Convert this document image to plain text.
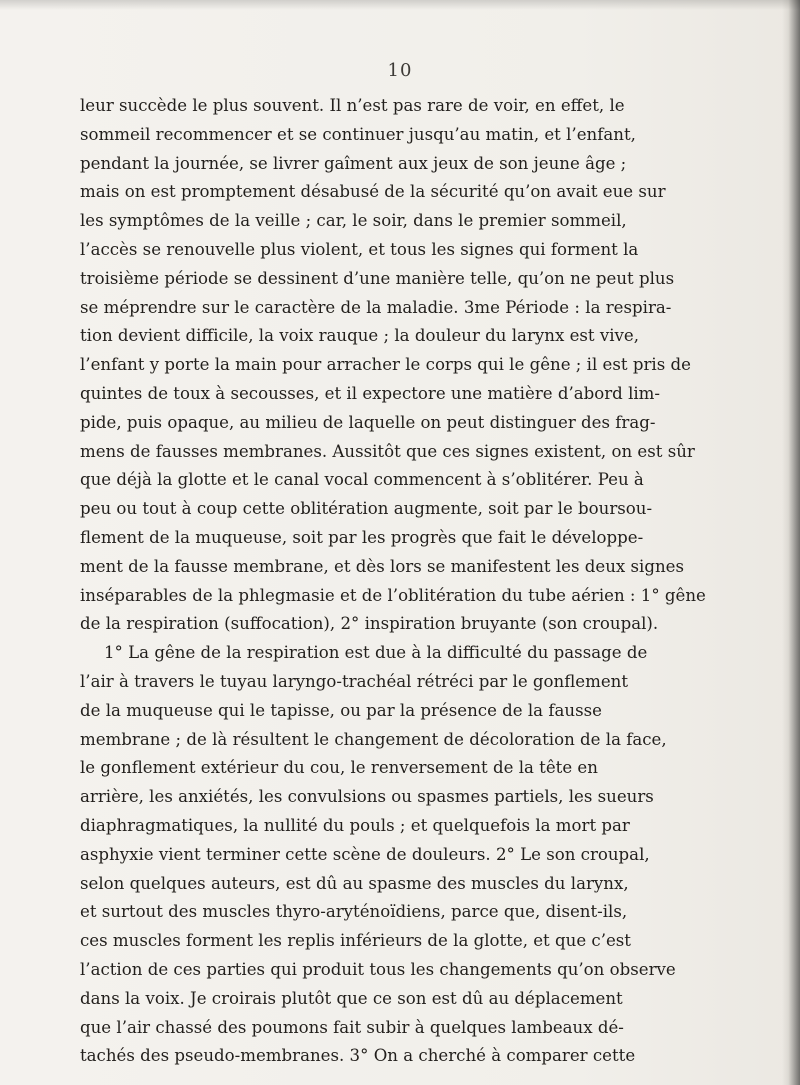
10
leur succède le plus souvent. Il n’est pas rare de voir, en effet, le
sommeil recommencer et se continuer jusqu’au matin, et l’enfant,
pendant la journée, se livrer gaîment aux jeux de son jeune âge ;
mais on est promptement désabusé de la sécurité qu’on avait eue sur
les symptômes de la veille ; car, le soir, dans le premier sommeil,
l’accès se renouvelle plus violent, et tous les signes qui forment la
troisième période se dessinent d’une manière telle, qu’on ne peut plus
se méprendre sur le caractère de la maladie. 3me Période : la respira-
tion devient difficile, la voix rauque ; la douleur du larynx est vive,
l’enfant y porte la main pour arracher le corps qui le gêne ; il est pris de
quintes de toux à secousses, et il expectore une matière d’abord lim-
pide, puis opaque, au milieu de laquelle on peut distinguer des frag-
mens de fausses membranes. Aussitôt que ces signes existent, on est sûr
que déjà la glotte et le canal vocal commencent à s’oblitérer. Peu à
peu ou tout à coup cette oblitération augmente, soit par le boursou-
flement de la muqueuse, soit par les progrès que fait le développe-
ment de la fausse membrane, et dès lors se manifestent les deux signes
inséparables de la phlegmasie et de l’oblitération du tube aérien : 1° gêne
de la respiration (suffocation), 2° inspiration bruyante (son croupal).
1° La gêne de la respiration est due à la difficulté du passage de
l’air à travers le tuyau laryngo-trachéal rétréci par le gonflement
de la muqueuse qui le tapisse, ou par la présence de la fausse
membrane ; de là résultent le changement de décoloration de la face,
le gonflement extérieur du cou, le renversement de la tête en
arrière, les anxiétés, les convulsions ou spasmes partiels, les sueurs
diaphragmatiques, la nullité du pouls ; et quelquefois la mort par
asphyxie vient terminer cette scène de douleurs. 2° Le son croupal,
selon quelques auteurs, est dû au spasme des muscles du larynx,
et surtout des muscles thyro-aryténoïdiens, parce que, disent-ils,
ces muscles forment les replis inférieurs de la glotte, et que c’est
l’action de ces parties qui produit tous les changements qu’on observe
dans la voix. Je croirais plutôt que ce son est dû au déplacement
que l’air chassé des poumons fait subir à quelques lambeaux dé-
tachés des pseudo-membranes. 3° On a cherché à comparer cette
